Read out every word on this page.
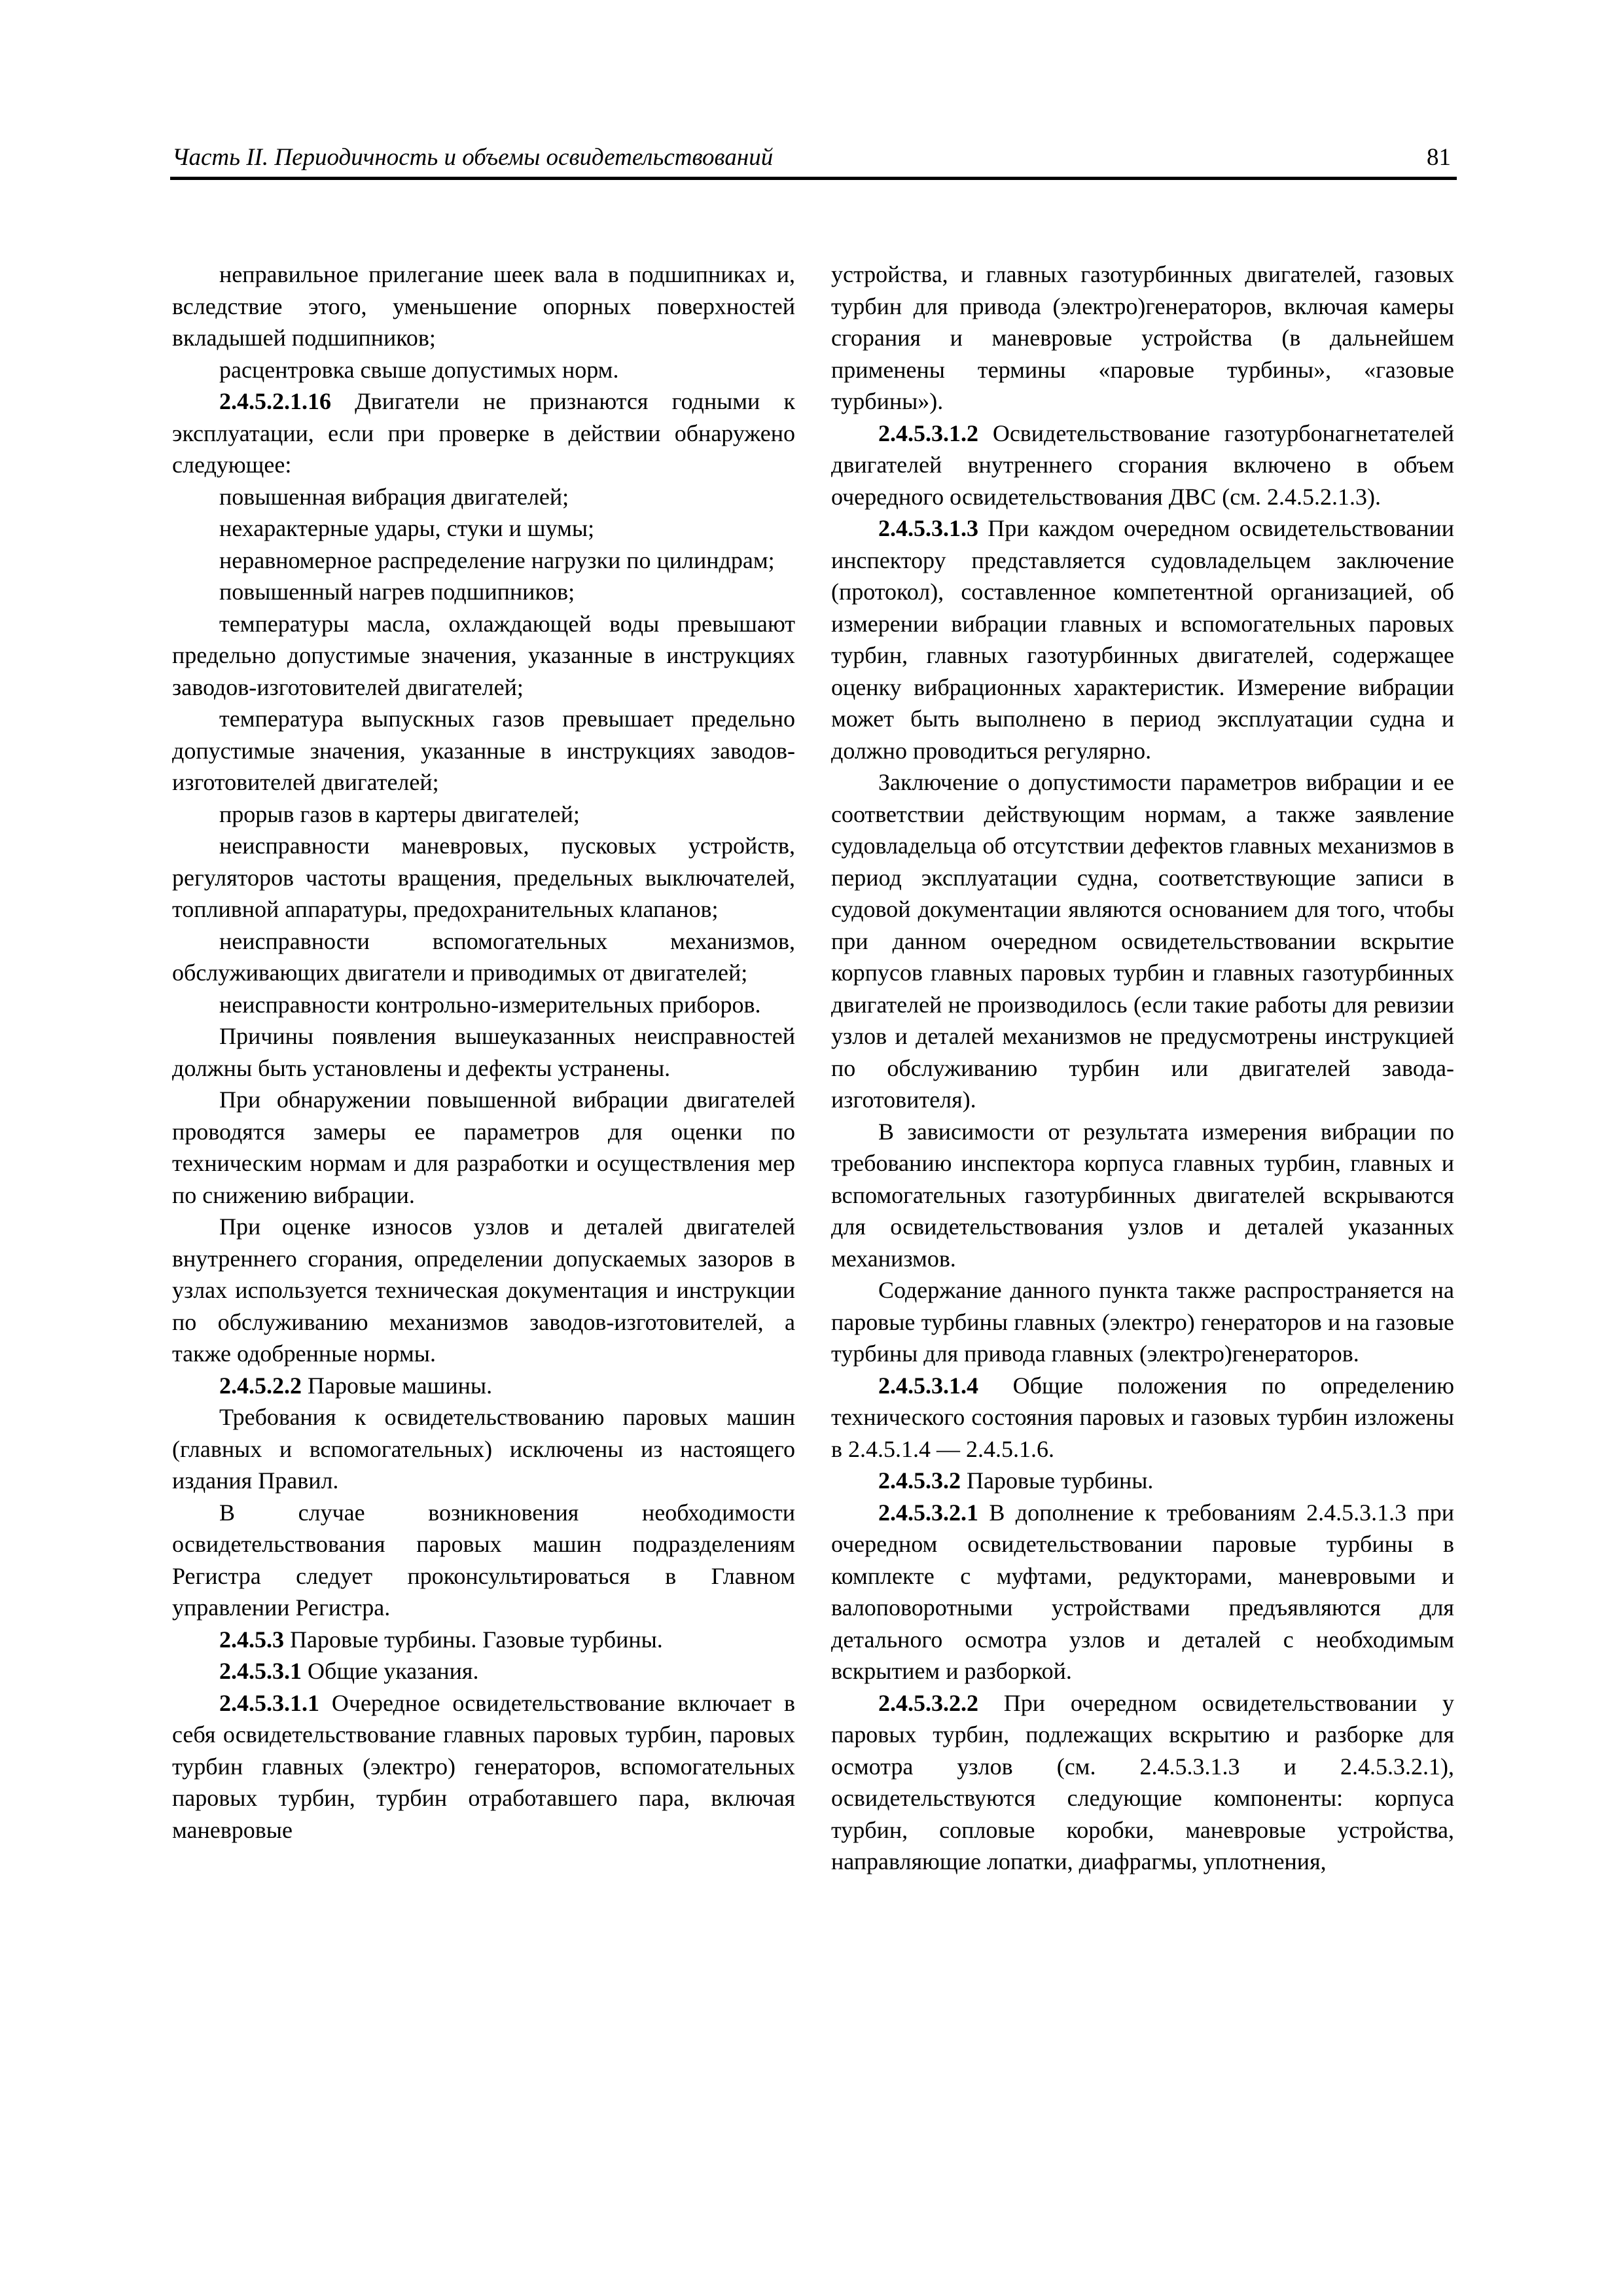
Часть II. Периодичность и объемы освидетельствований	81

неправильное прилегание шеек вала в подшипниках и, вследствие этого, уменьшение опорных поверхностей вкладышей подшипников;

расцентровка свыше допустимых норм.

2.4.5.2.1.16 Двигатели не признаются годными к эксплуатации, если при проверке в действии обнаружено следующее:

повышенная вибрация двигателей;

нехарактерные удары, стуки и шумы;

неравномерное распределение нагрузки по цилиндрам;

повышенный нагрев подшипников;

температуры масла, охлаждающей воды превышают предельно допустимые значения, указанные в инструкциях заводов-изготовителей двигателей;

температура выпускных газов превышает предельно допустимые значения, указанные в инструкциях заводов-изготовителей двигателей;

прорыв газов в картеры двигателей;

неисправности маневровых, пусковых устройств, регуляторов частоты вращения, предельных выключателей, топливной аппаратуры, предохранительных клапанов;

неисправности вспомогательных механизмов, обслуживающих двигатели и приводимых от двигателей;

неисправности контрольно-измерительных приборов.

Причины появления вышеуказанных неисправностей должны быть установлены и дефекты устранены.

При обнаружении повышенной вибрации двигателей проводятся замеры ее параметров для оценки по техническим нормам и для разработки и осуществления мер по снижению вибрации.

При оценке износов узлов и деталей двигателей внутреннего сгорания, определении допускаемых зазоров в узлах используется техническая документация и инструкции по обслуживанию механизмов заводов-изготовителей, а также одобренные нормы.

2.4.5.2.2 Паровые машины.

Требования к освидетельствованию паровых машин (главных и вспомогательных) исключены из настоящего издания Правил.

В случае возникновения необходимости освидетельствования паровых машин подразделениям Регистра следует проконсультироваться в Главном управлении Регистра.

2.4.5.3 Паровые турбины. Газовые турбины.

2.4.5.3.1 Общие указания.

2.4.5.3.1.1 Очередное освидетельствование включает в себя освидетельствование главных паровых турбин, паровых турбин главных (электро) генераторов, вспомогательных паровых турбин, турбин отработавшего пара, включая маневровые

устройства, и главных газотурбинных двигателей, газовых турбин для привода (электро)генераторов, включая камеры сгорания и маневровые устройства (в дальнейшем применены термины «паровые турбины», «газовые турбины»).

2.4.5.3.1.2 Освидетельствование газотурбонагнетателей двигателей внутреннего сгорания включено в объем очередного освидетельствования ДВС (см. 2.4.5.2.1.3).

2.4.5.3.1.3 При каждом очередном освидетельствовании инспектору представляется судовладельцем заключение (протокол), составленное компетентной организацией, об измерении вибрации главных и вспомогательных паровых турбин, главных газотурбинных двигателей, содержащее оценку вибрационных характеристик. Измерение вибрации может быть выполнено в период эксплуатации судна и должно проводиться регулярно.

Заключение о допустимости параметров вибрации и ее соответствии действующим нормам, а также заявление судовладельца об отсутствии дефектов главных механизмов в период эксплуатации судна, соответствующие записи в судовой документации являются основанием для того, чтобы при данном очередном освидетельствовании вскрытие корпусов главных паровых турбин и главных газотурбинных двигателей не производилось (если такие работы для ревизии узлов и деталей механизмов не предусмотрены инструкцией по обслуживанию турбин или двигателей завода-изготовителя).

В зависимости от результата измерения вибрации по требованию инспектора корпуса главных турбин, главных и вспомогательных газотурбинных двигателей вскрываются для освидетельствования узлов и деталей указанных механизмов.

Содержание данного пункта также распространяется на паровые турбины главных (электро) генераторов и на газовые турбины для привода главных (электро)генераторов.

2.4.5.3.1.4 Общие положения по определению технического состояния паровых и газовых турбин изложены в 2.4.5.1.4 — 2.4.5.1.6.

2.4.5.3.2 Паровые турбины.

2.4.5.3.2.1 В дополнение к требованиям 2.4.5.3.1.3 при очередном освидетельствовании паровые турбины в комплекте с муфтами, редукторами, маневровыми и валоповоротными устройствами предъявляются для детального осмотра узлов и деталей с необходимым вскрытием и разборкой.

2.4.5.3.2.2 При очередном освидетельствовании у паровых турбин, подлежащих вскрытию и разборке для осмотра узлов (см. 2.4.5.3.1.3 и 2.4.5.3.2.1), освидетельствуются следующие компоненты: корпуса турбин, сопловые коробки, маневровые устройства, направляющие лопатки, диафрагмы, уплотнения,
